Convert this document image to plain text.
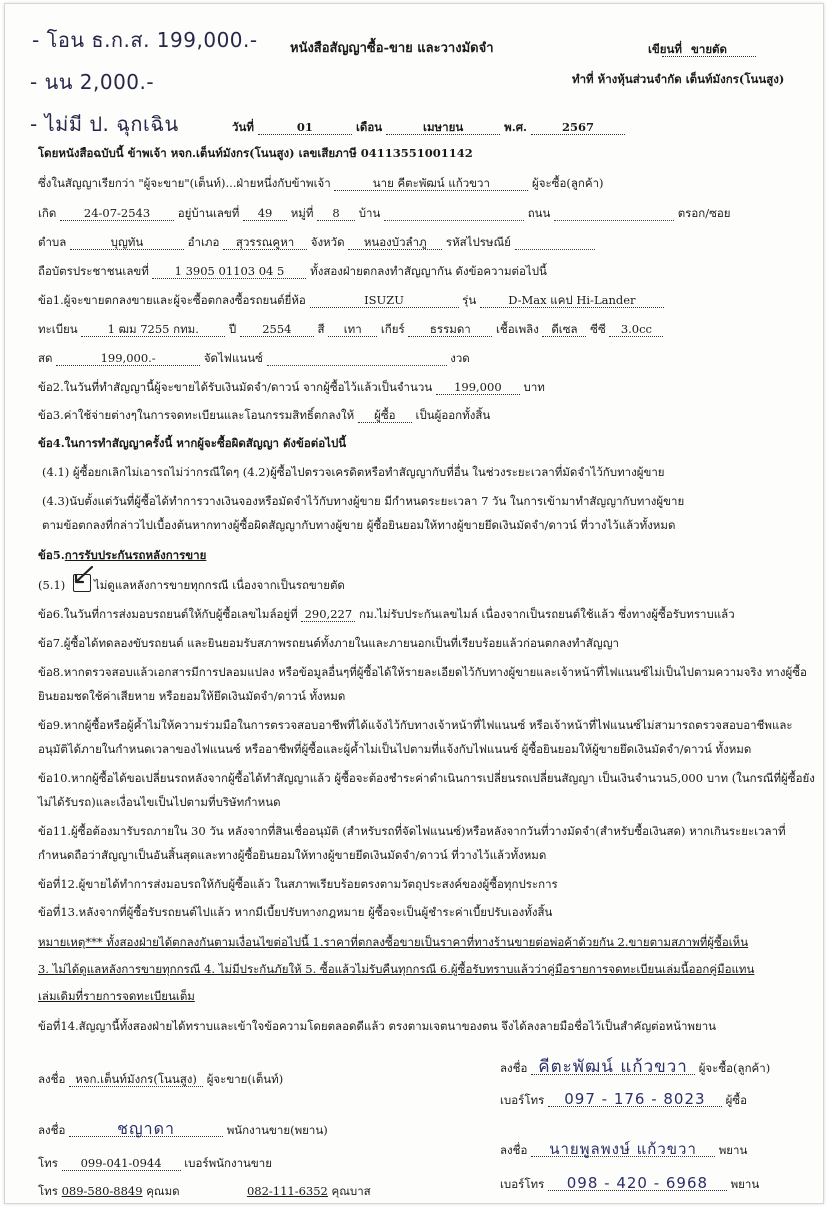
- โอน ธ.ก.ส. 199,000.-
- นน 2,000.-
- ไม่มี ป. ฉุกเฉิน
หนังสือสัญญาซื้อ-ขาย และวางมัดจำ	เขียนที่ ขายตัด
ทำที่ ห้างหุ้นส่วนจำกัด เต็นท์มังกร(โนนสูง)
วันที่	01	เดือน	เมษายน	พ.ศ.	2567
โดยหนังสือฉบับนี้ ข้าพเจ้า หจก.เต็นท์มังกร(โนนสูง) เลขเสียภาษี 04113551001142
ซึ่งในสัญญาเรียกว่า "ผู้จะขาย"(เต็นท์)...ฝ่ายหนึ่งกับข้าพเจ้า	นาย คีตะพัฒน์ แก้วขวา	ผู้จะซื้อ(ลูกค้า)
เกิด 24-07-2543 อยู่บ้านเลขที่ 49 หมู่ที่ 8 บ้าน	ถนน	ตรอก/ซอย
ตำบล	บุญทัน	อำเภอ สุวรรณคูหา จังหวัด หนองบัวลำภู รหัสไปรษณีย์
ถือบัตรประชาชนเลขที่ 1 3905 01103 04 5 ทั้งสองฝ่ายตกลงทำสัญญากัน ดังข้อความต่อไปนี้
ข้อ1.ผู้จะขายตกลงขายและผู้จะซื้อตกลงซื้อรถยนต์ยี่ห้อ	ISUZU	รุ่น	D-Max แคป Hi-Lander
ทะเบียน	1 ฒม 7255 กทม.	ปี 2554 สี เทา เกียร์ ธรรมดา เชื้อเพลิง ดีเซล ซีซี 3.0cc
สด	199,000.-	จัดไฟแนนซ์	งวด
ข้อ2.ในวันที่ทำสัญญานี้ผู้จะขายได้รับเงินมัดจำ/ดาวน์ จากผู้ซื้อไว้แล้วเป็นจำนวน 199,000 บาท
ข้อ3.ค่าใช้จ่ายต่างๆในการจดทะเบียนและโอนกรรมสิทธิ์ตกลงให้ ผู้ซื้อ เป็นผู้ออกทั้งสิ้น
ข้อ4.ในการทำสัญญาครั้งนี้ หากผู้จะซื้อผิดสัญญา ดังข้อต่อไปนี้
(4.1) ผู้ซื้อยกเลิกไม่เอารถไม่ว่ากรณีใดๆ (4.2)ผู้ซื้อไปตรวจเครดิตหรือทำสัญญากับที่อื่น ในช่วงระยะเวลาที่มัดจำไว้กับทางผู้ขาย
(4.3)นับตั้งแต่วันที่ผู้ซื้อได้ทำการวางเงินจองหรือมัดจำไว้กับทางผู้ขาย มีกำหนดระยะเวลา 7 วัน ในการเข้ามาทำสัญญากับทางผู้ขาย
ตามข้อตกลงที่กล่าวไปเบื้องต้นหากทางผู้ซื้อผิดสัญญากับทางผู้ขาย ผู้ซื้อยินยอมให้ทางผู้ขายยึดเงินมัดจำ/ดาวน์ ที่วางไว้แล้วทั้งหมด
ข้อ5.การรับประกันรถหลังการขาย
(5.1) ไม่ดูแลหลังการขายทุกกรณี เนื่องจากเป็นรถขายตัด
ข้อ6.ในวันที่การส่งมอบรถยนต์ให้กับผู้ซื้อเลขไมล์อยู่ที่ 290,227 กม.ไม่รับประกันเลขไมล์ เนื่องจากเป็นรถยนต์ใช้แล้ว ซึ่งทางผู้ซื้อรับทราบแล้ว
ข้อ7.ผู้ซื้อได้ทดลองขับรถยนต์ และยินยอมรับสภาพรถยนต์ทั้งภายในและภายนอกเป็นที่เรียบร้อยแล้วก่อนตกลงทำสัญญา
ข้อ8.หากตรวจสอบแล้วเอกสารมีการปลอมแปลง หรือข้อมูลอื่นๆที่ผู้ซื้อได้ให้รายละเอียดไว้กับทางผู้ขายและเจ้าหน้าที่ไฟแนนซ์ไม่เป็นไปตามความจริง ทางผู้ซื้อ
ยินยอมชดใช้ค่าเสียหาย หรือยอมให้ยึดเงินมัดจำ/ดาวน์ ทั้งหมด
ข้อ9.หากผู้ซื้อหรือผู้ค้ำไม่ให้ความร่วมมือในการตรวจสอบอาชีพที่ได้แจ้งไว้กับทางเจ้าหน้าที่ไฟแนนซ์ หรือเจ้าหน้าที่ไฟแนนซ์ไม่สามารถตรวจสอบอาชีพและ
อนุมัติได้ภายในกำหนดเวลาของไฟแนนซ์ หรืออาชีพที่ผู้ซื้อและผู้ค้ำไม่เป็นไปตามที่แจ้งกับไฟแนนซ์ ผู้ซื้อยินยอมให้ผู้ขายยึดเงินมัดจำ/ดาวน์ ทั้งหมด
ข้อ10.หากผู้ซื้อได้ขอเปลี่ยนรถหลังจากผู้ซื้อได้ทำสัญญาแล้ว ผู้ซื้อจะต้องชำระค่าดำเนินการเปลี่ยนรถเปลี่ยนสัญญา เป็นเงินจำนวน5,000 บาท (ในกรณีที่ผู้ซื้อยัง
ไม่ได้รับรถ)และเงื่อนไขเป็นไปตามที่บริษัทกำหนด
ข้อ11.ผู้ซื้อต้องมารับรถภายใน 30 วัน หลังจากที่สินเชื่ออนุมัติ (สำหรับรถที่จัดไฟแนนซ์)หรือหลังจากวันที่วางมัดจำ(สำหรับซื้อเงินสด) หากเกินระยะเวลาที่
กำหนดถือว่าสัญญาเป็นอันสิ้นสุดและทางผู้ซื้อยินยอมให้ทางผู้ขายยึดเงินมัดจำ/ดาวน์ ที่วางไว้แล้วทั้งหมด
ข้อที่12.ผู้ขายได้ทำการส่งมอบรถให้กับผู้ซื้อแล้ว ในสภาพเรียบร้อยตรงตามวัตถุประสงค์ของผู้ซื้อทุกประการ
ข้อที่13.หลังจากที่ผู้ซื้อรับรถยนต์ไปแล้ว หากมีเบี้ยปรับทางกฎหมาย ผู้ซื้อจะเป็นผู้ชำระค่าเบี้ยปรับเองทั้งสิ้น
หมายเหตุ*** ทั้งสองฝ่ายได้ตกลงกันตามเงื่อนไขต่อไปนี้ 1.ราคาที่ตกลงซื้อขายเป็นราคาที่ทางร้านขายต่อพ่อค้าด้วยกัน 2.ขายตามสภาพที่ผู้ซื้อเห็น
3. ไม่ได้ดูแลหลังการขายทุกกรณี 4. ไม่มีประกันภัยให้ 5. ซื้อแล้วไม่รับคืนทุกกรณี 6.ผู้ซื้อรับทราบแล้วว่าคู่มือรายการจดทะเบียนเล่มนี้ออกคู่มือแทน
เล่มเดิมที่รายการจดทะเบียนเต็ม
ข้อที่14.สัญญานี้ทั้งสองฝ่ายได้ทราบและเข้าใจข้อความโดยตลอดดีแล้ว ตรงตามเจตนาของตน จึงได้ลงลายมือชื่อไว้เป็นสำคัญต่อหน้าพยาน
ลงชื่อ หจก.เต็นท์มังกร(โนนสูง) ผู้จะขาย(เต็นท์)
ลงชื่อ	ชญาดา	พนักงานขาย(พยาน)
โทร 099-041-0944 เบอร์พนักงานขาย
โทร 089-580-8849 คุณมด	082-111-6352 คุณบาส
ลงชื่อ คีตะพัฒน์ แก้วขวา ผู้จะซื้อ(ลูกค้า)
เบอร์โทร 097 - 176 - 8023 ผู้ซื้อ
ลงชื่อ นายพูลพงษ์ แก้วขวา พยาน
เบอร์โทร 098 - 420 - 6968 พยาน
